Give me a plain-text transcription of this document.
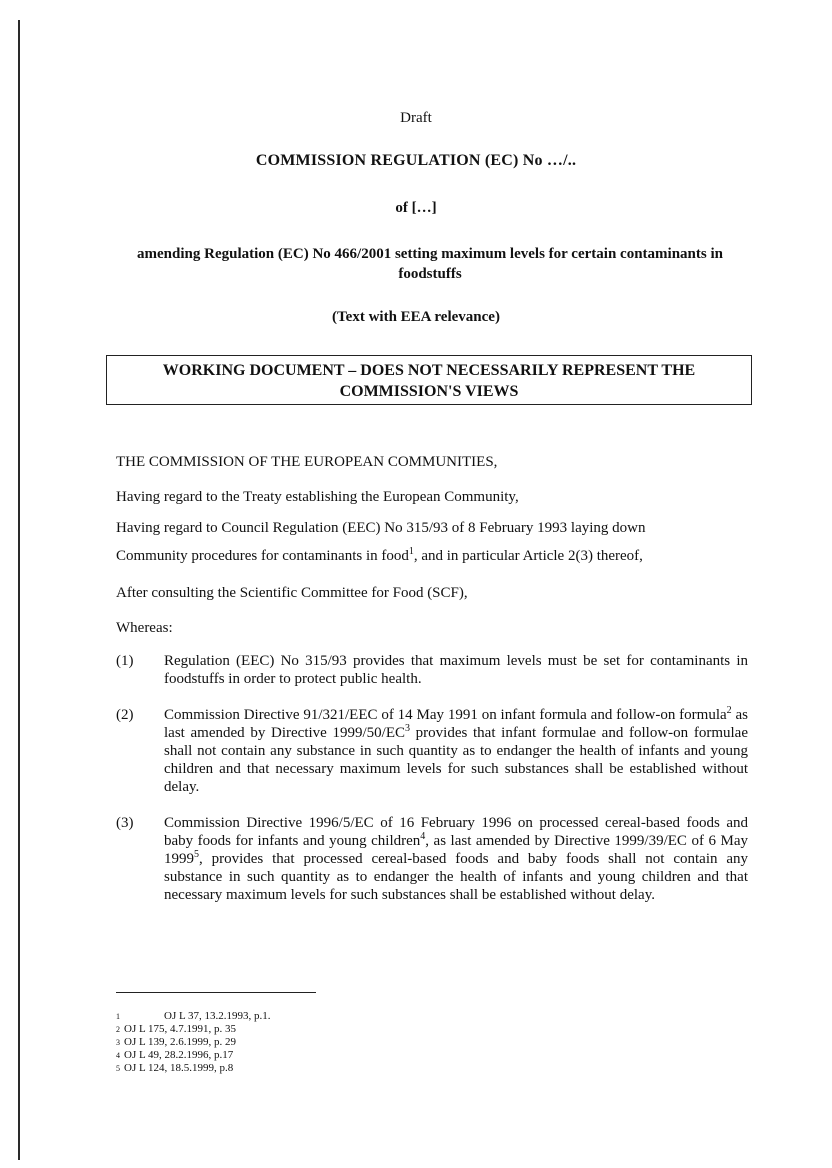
Draft
COMMISSION REGULATION (EC) No …/..
of […]
amending Regulation (EC) No 466/2001 setting maximum levels for certain contaminants in foodstuffs
(Text with EEA relevance)
WORKING DOCUMENT – DOES NOT NECESSARILY REPRESENT THE COMMISSION'S VIEWS
THE COMMISSION OF THE EUROPEAN COMMUNITIES,
Having regard to the Treaty establishing the European Community,
Having regard to Council Regulation (EEC) No 315/93 of 8 February 1993 laying down
Community procedures for contaminants in food$^1$, and in particular Article 2(3) thereof,
After consulting the Scientific Committee for Food (SCF),
Whereas:
(1)	Regulation (EEC) No 315/93 provides that maximum levels must be set for contaminants in foodstuffs in order to protect public health.
(2)	Commission Directive 91/321/EEC of 14 May 1991 on infant formula and follow-on formula$^2$ as last amended by Directive $1999/50/EC^3$ provides that infant formulae and follow-on formulae shall not contain any substance in such quantity as to endanger the health of infants and young children and that necessary maximum levels for such substances shall be established without delay.
(3)	Commission Directive 1996/5/EC of 16 February 1996 on processed cereal-based foods and baby foods for infants and young children$^4$, as last amended by Directive 1999/39/EC of 6 May 1999$^5$, provides that processed cereal-based foods and baby foods shall not contain any substance in such quantity as to endanger the health of infants and young children and that necessary maximum levels for such substances shall be established without delay.
1	OJ L 37, 13.2.1993, p.1.
2 OJ L 175, 4.7.1991, p. 35
3 OJ L 139, 2.6.1999, p. 29
4 OJ L 49, 28.2.1996, p.17
5 OJ L 124, 18.5.1999, p.8
